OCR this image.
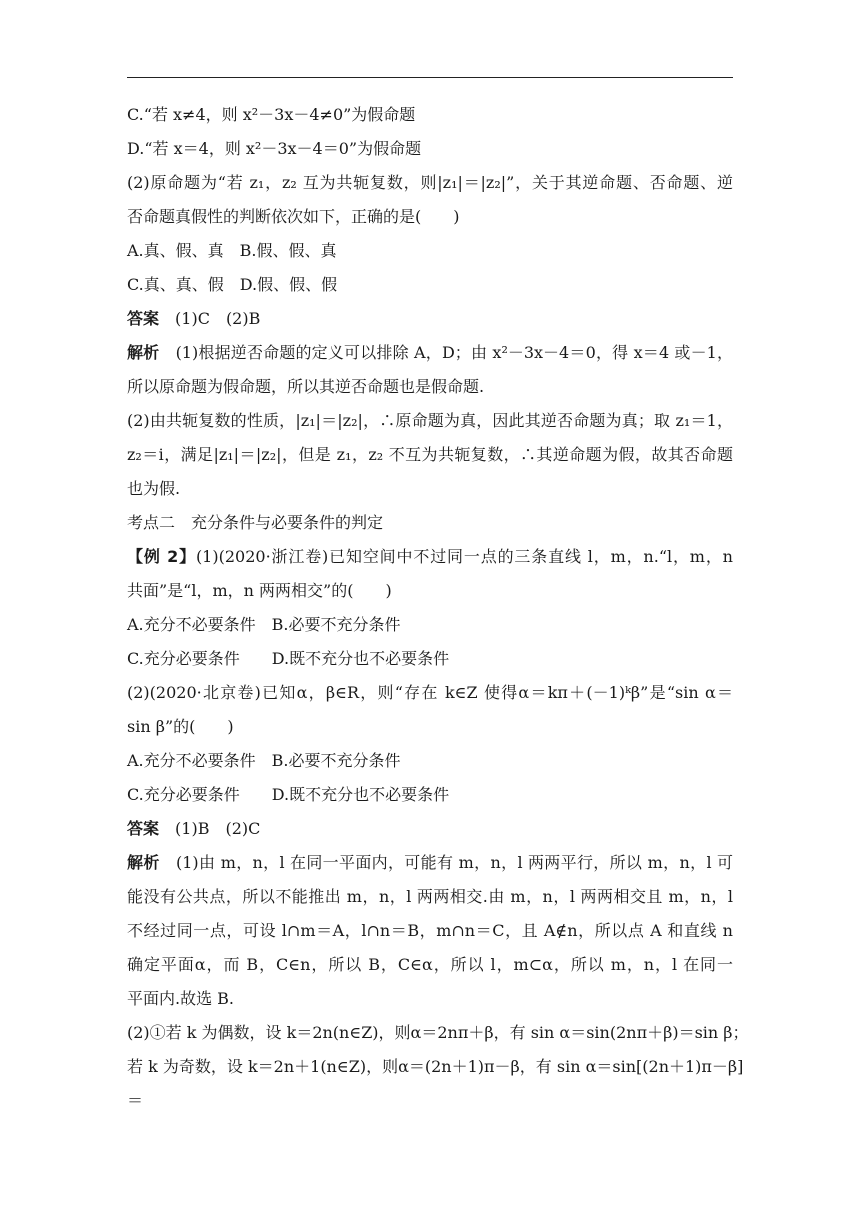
C.“若 x≠4，则 x²－3x－4≠0”为假命题
D.“若 x＝4，则 x²－3x－4＝0”为假命题
(2)原命题为“若 z₁，z₂ 互为共轭复数，则|z₁|＝|z₂|”，关于其逆命题、否命题、逆
否命题真假性的判断依次如下，正确的是(　　)
A.真、假、真　B.假、假、真
C.真、真、假　D.假、假、假
答案　 (1)C　(2)B
解析　 (1)根据逆否命题的定义可以排除 A，D；由 x²－3x－4＝0，得 x＝4 或－1，
所以原命题为假命题，所以其逆否命题也是假命题.
(2)由共轭复数的性质，|z₁|＝|z₂|，∴原命题为真，因此其逆否命题为真；取 z₁＝1，
z₂＝i，满足|z₁|＝|z₂|，但是 z₁，z₂ 不互为共轭复数，∴其逆命题为假，故其否命题
也为假.
考点二　充分条件与必要条件的判定
【例 2】(1)(2020·浙江卷)已知空间中不过同一点的三条直线 l，m，n.“l，m，n
共面”是“l，m，n 两两相交”的(　　)
A.充分不必要条件　B.必要不充分条件
C.充分必要条件　　D.既不充分也不必要条件
(2)(2020·北京卷)已知α，β∈R，则“存在 k∈Z 使得α＝kπ＋(－1)ᵏβ”是“sin α＝
sin β”的(　　)
A.充分不必要条件　B.必要不充分条件
C.充分必要条件　　D.既不充分也不必要条件
答案　 (1)B　(2)C
解析　 (1)由 m，n，l 在同一平面内，可能有 m，n，l 两两平行，所以 m，n，l 可
能没有公共点，所以不能推出 m，n，l 两两相交.由 m，n，l 两两相交且 m，n，l
不经过同一点，可设 l∩m＝A，l∩n＝B，m∩n＝C，且 A∉n，所以点 A 和直线 n
确定平面α，而 B，C∈n，所以 B，C∈α，所以 l，m⊂α，所以 m，n，l 在同一
平面内.故选 B.
(2)①若 k 为偶数，设 k＝2n(n∈Z)，则α＝2nπ＋β，有 sin α＝sin(2nπ＋β)＝sin β；
若 k 为奇数，设 k＝2n＋1(n∈Z)，则α＝(2n＋1)π－β，有 sin α＝sin[(2n＋1)π－β]
＝
